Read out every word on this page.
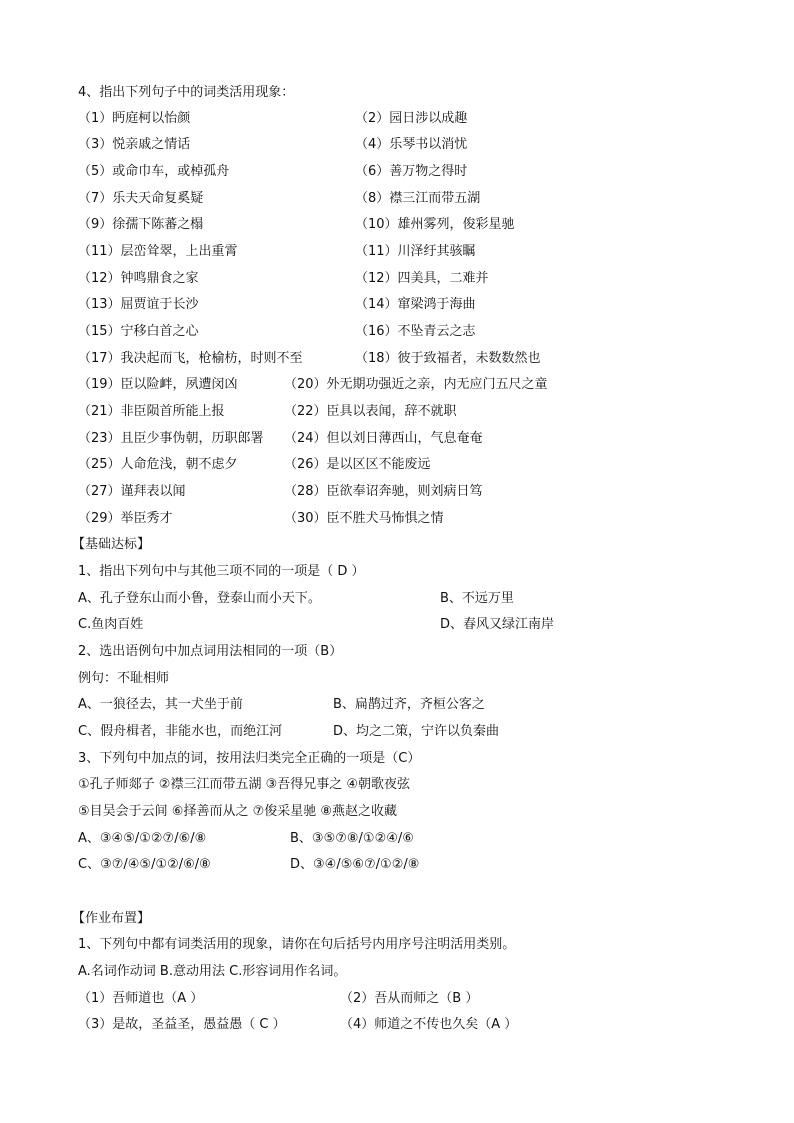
4、指出下列句子中的词类活用现象：
（1）眄庭柯以怡颜	（2）园日涉以成趣
（3）悦亲戚之情话	（4）乐琴书以消忧
（5）或命巾车，或棹孤舟	（6）善万物之得时
（7）乐夫天命复奚疑	（8）襟三江而带五湖
（9）徐孺下陈蕃之榻	（10）雄州雾列，俊彩星驰
（11）层峦耸翠，上出重霄	（11）川泽纡其骇瞩
（12）钟鸣鼎食之家	（12）四美具，二难并
（13）屈贾谊于长沙	（14）窜梁鸿于海曲
（15）宁移白首之心	（16）不坠青云之志
（17）我决起而飞，枪榆枋，时则不至	（18）彼于致福者，未数数然也
（19）臣以险衅，夙遭闵凶	（20）外无期功强近之亲，内无应门五尺之童
（21）非臣陨首所能上报	（22）臣具以表闻，辞不就职
（23）且臣少事伪朝，历职郎署 （24）但以刘日薄西山，气息奄奄
（25）人命危浅，朝不虑夕	（26）是以区区不能废远
（27）谨拜表以闻	（28）臣欲奉诏奔驰，则刘病日笃
（29）举臣秀才	（30）臣不胜犬马怖惧之情
【基础达标】
1、指出下列句中与其他三项不同的一项是（ D ）
A、孔子登东山而小鲁，登泰山而小天下。	B、不远万里
C.鱼肉百姓	D、春风又绿江南岸
2、选出语例句中加点词用法相同的一项（B）
例句：不耻相师
A、一狼径去，其一犬坐于前	B、扁鹊过齐，齐桓公客之
C、假舟楫者，非能水也，而绝江河	D、均之二策，宁许以负秦曲
3、下列句中加点的词，按用法归类完全正确的一项是（C）
①孔子师郯子 ②襟三江而带五湖 ③吾得兄事之 ④朝歌夜弦
⑤目吴会于云间 ⑥择善而从之 ⑦俊采星驰 ⑧燕赵之收藏
A、③④⑤/①②⑦/⑥/⑧	B、③⑤⑦⑧/①②④/⑥
C、③⑦/④⑤/①②/⑥/⑧	D、③④/⑤⑥⑦/①②/⑧
【作业布置】
1、下列句中都有词类活用的现象，请你在句后括号内用序号注明活用类别。
A.名词作动词 B.意动用法 C.形容词用作名词。
（1）吾师道也（A ）	（2）吾从而师之（B ）
（3）是故，圣益圣，愚益愚（ C ）	（4）师道之不传也久矣（A ）
